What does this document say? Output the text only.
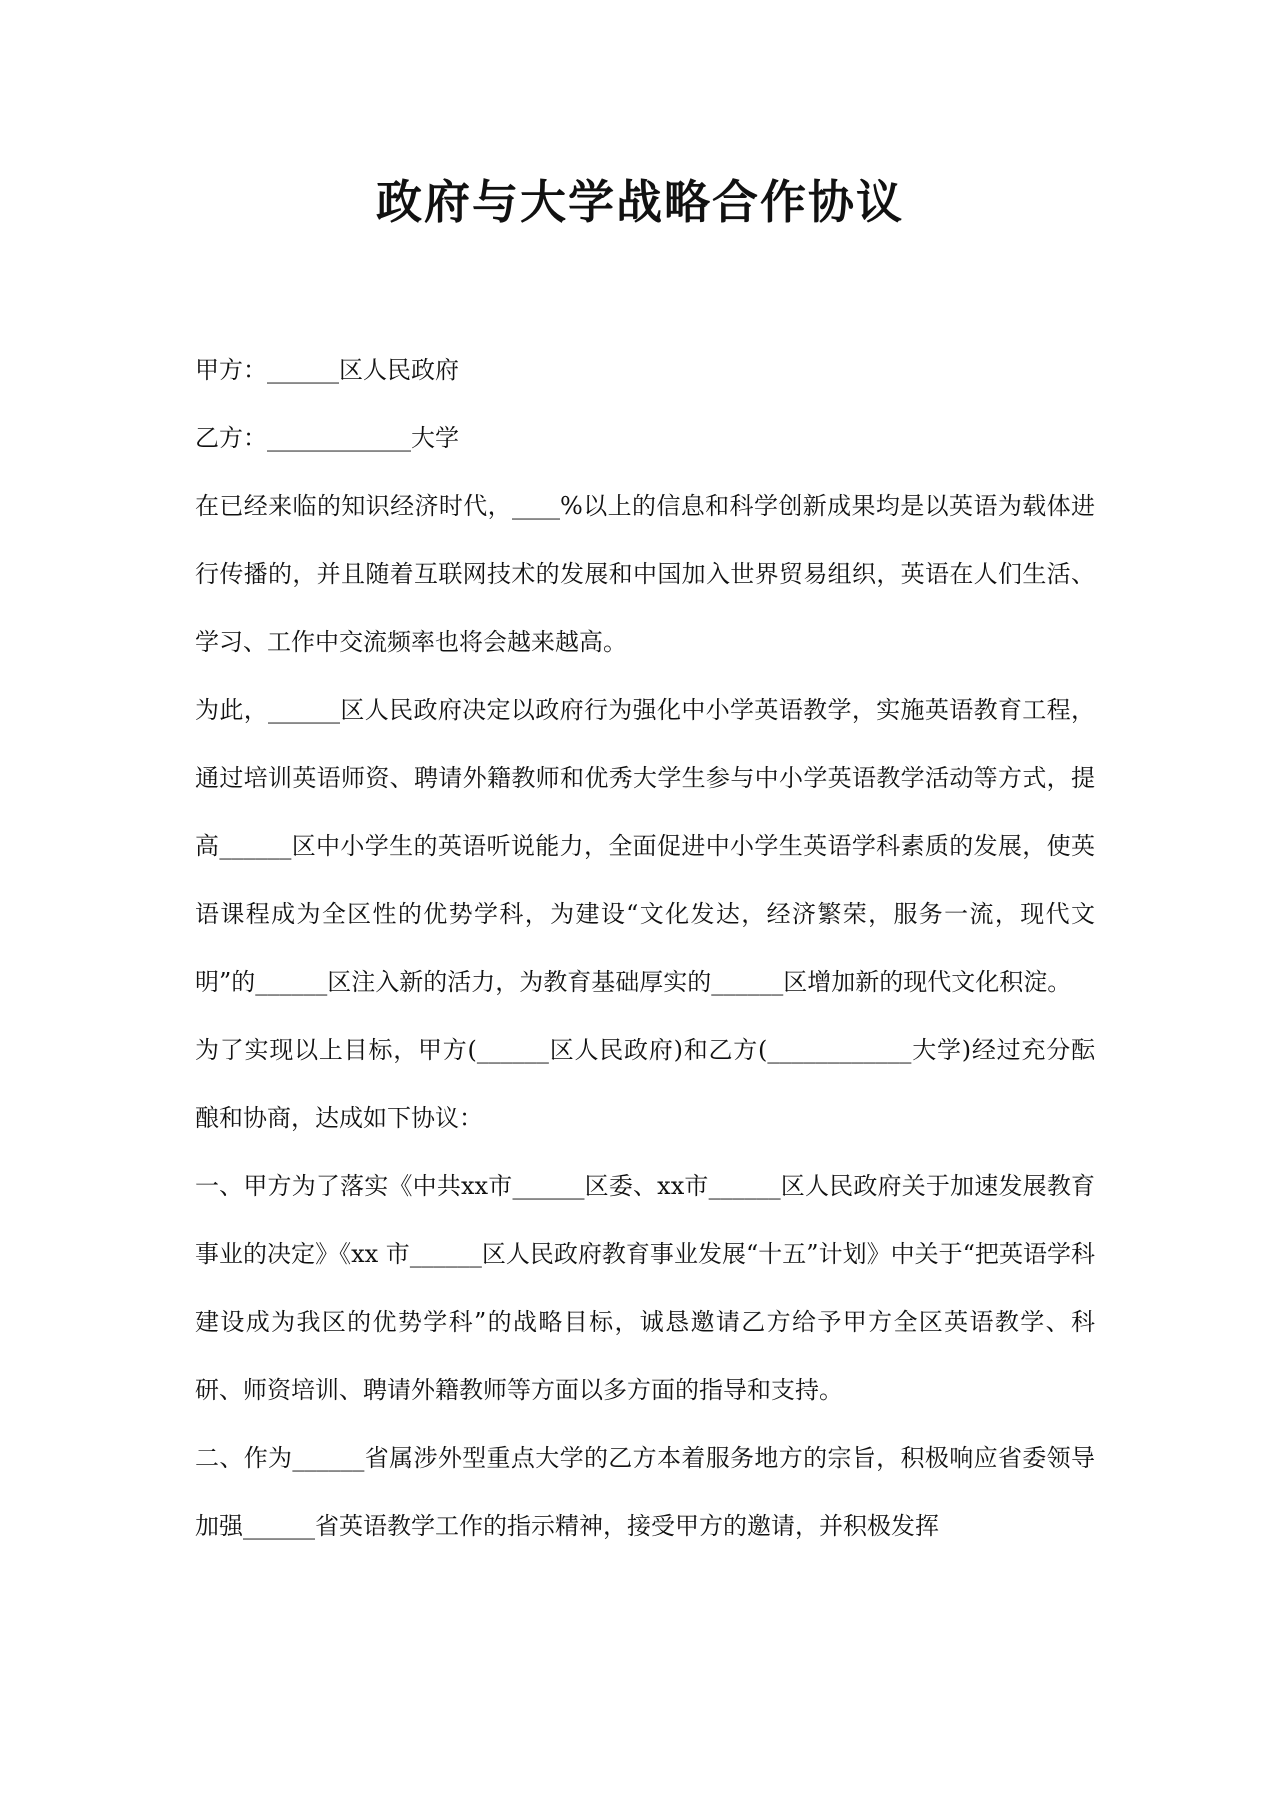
政府与大学战略合作协议

甲方：______区人民政府

乙方：____________大学

在已经来临的知识经济时代，____%以上的信息和科学创新成果均是以英语为载体进行传播的，并且随着互联网技术的发展和中国加入世界贸易组织，英语在人们生活、学习、工作中交流频率也将会越来越高。

为此，______区人民政府决定以政府行为强化中小学英语教学，实施英语教育工程，通过培训英语师资、聘请外籍教师和优秀大学生参与中小学英语教学活动等方式，提高______区中小学生的英语听说能力，全面促进中小学生英语学科素质的发展，使英语课程成为全区性的优势学科，为建设“文化发达，经济繁荣，服务一流，现代文明”的______区注入新的活力，为教育基础厚实的______区增加新的现代文化积淀。

为了实现以上目标，甲方(______区人民政府)和乙方(____________大学)经过充分酝酿和协商，达成如下协议：

一、甲方为了落实《中共xx市______区委、xx市______区人民政府关于加速发展教育事业的决定》《xx 市______区人民政府教育事业发展“十五”计划》中关于“把英语学科建设成为我区的优势学科”的战略目标，诚恳邀请乙方给予甲方全区英语教学、科研、师资培训、聘请外籍教师等方面以多方面的指导和支持。

二、作为______省属涉外型重点大学的乙方本着服务地方的宗旨，积极响应省委领导加强______省英语教学工作的指示精神，接受甲方的邀请，并积极发挥
